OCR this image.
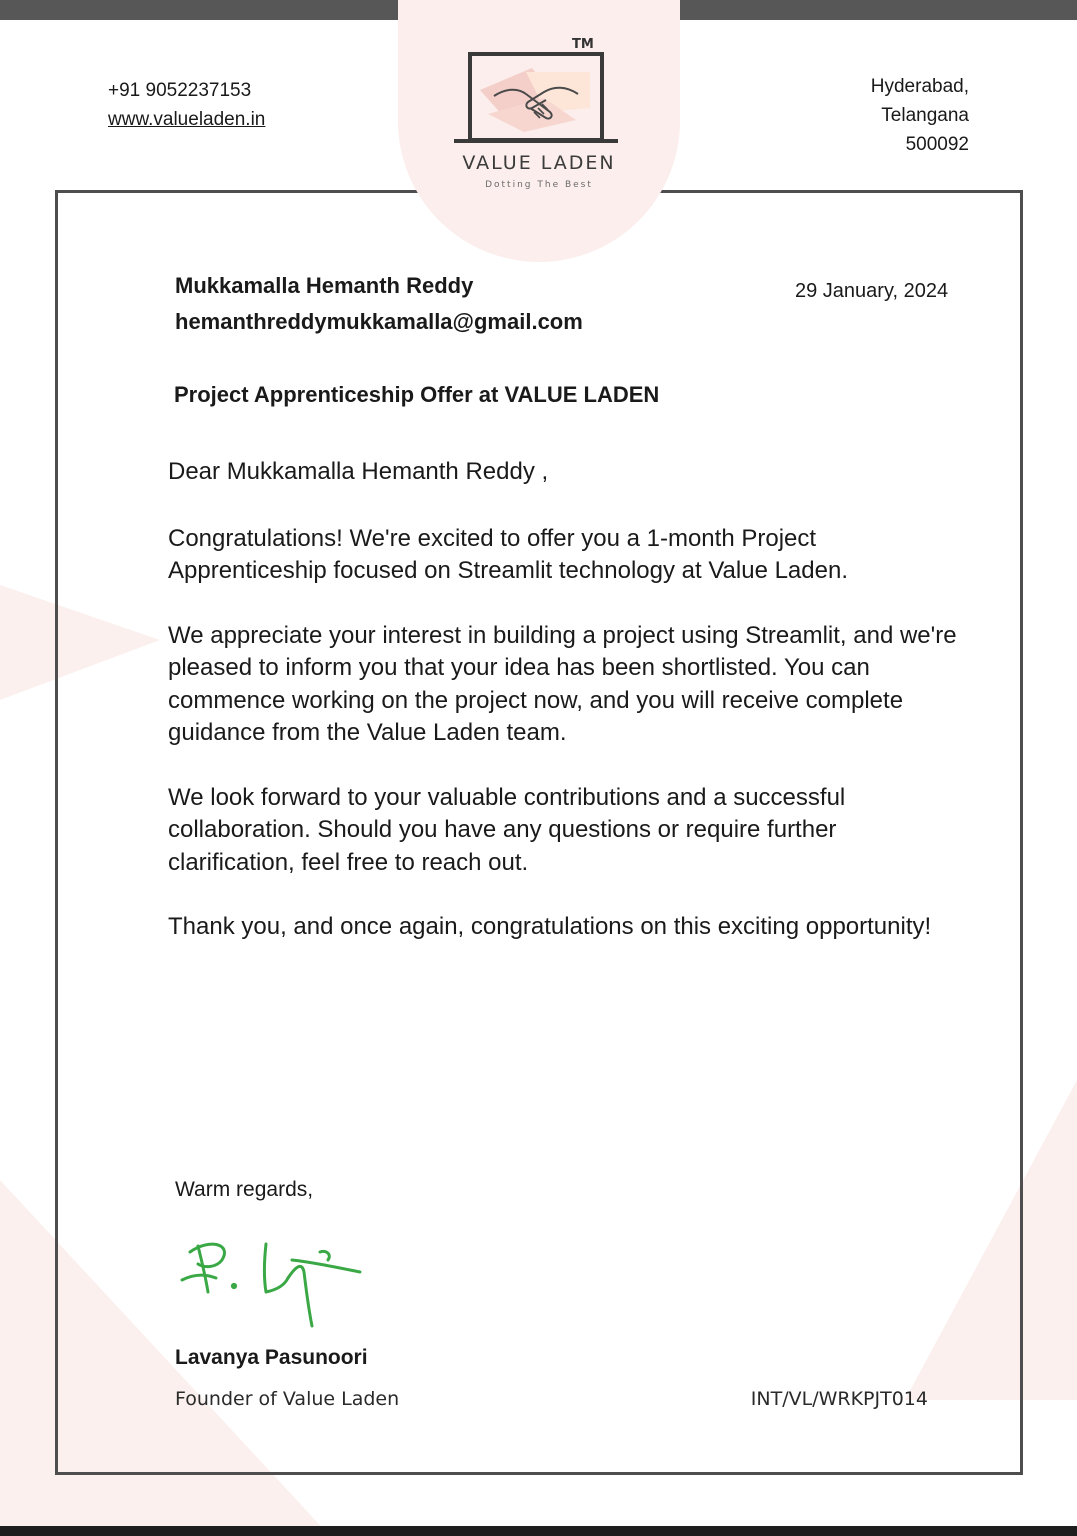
TM
VALUE LADEN
Dotting The Best
+91 9052237153
www.valueladen.in
Hyderabad,
Telangana
500092
Mukkamalla Hemanth Reddy
hemanthreddymukkamalla@gmail.com
29 January, 2024
Project Apprenticeship Offer at VALUE LADEN

Dear Mukkamalla Hemanth Reddy ,

Congratulations! We're excited to offer you a 1-month Project Apprenticeship focused on Streamlit technology at Value Laden.

We appreciate your interest in building a project using Streamlit, and we're pleased to inform you that your idea has been shortlisted. You can commence working on the project now, and you will receive complete guidance from the Value Laden team.

We look forward to your valuable contributions and a successful collaboration. Should you have any questions or require further clarification, feel free to reach out.

Thank you, and once again, congratulations on this exciting opportunity!

Warm regards,
Lavanya Pasunoori
Founder of Value Laden	INT/VL/WRKPJT014
